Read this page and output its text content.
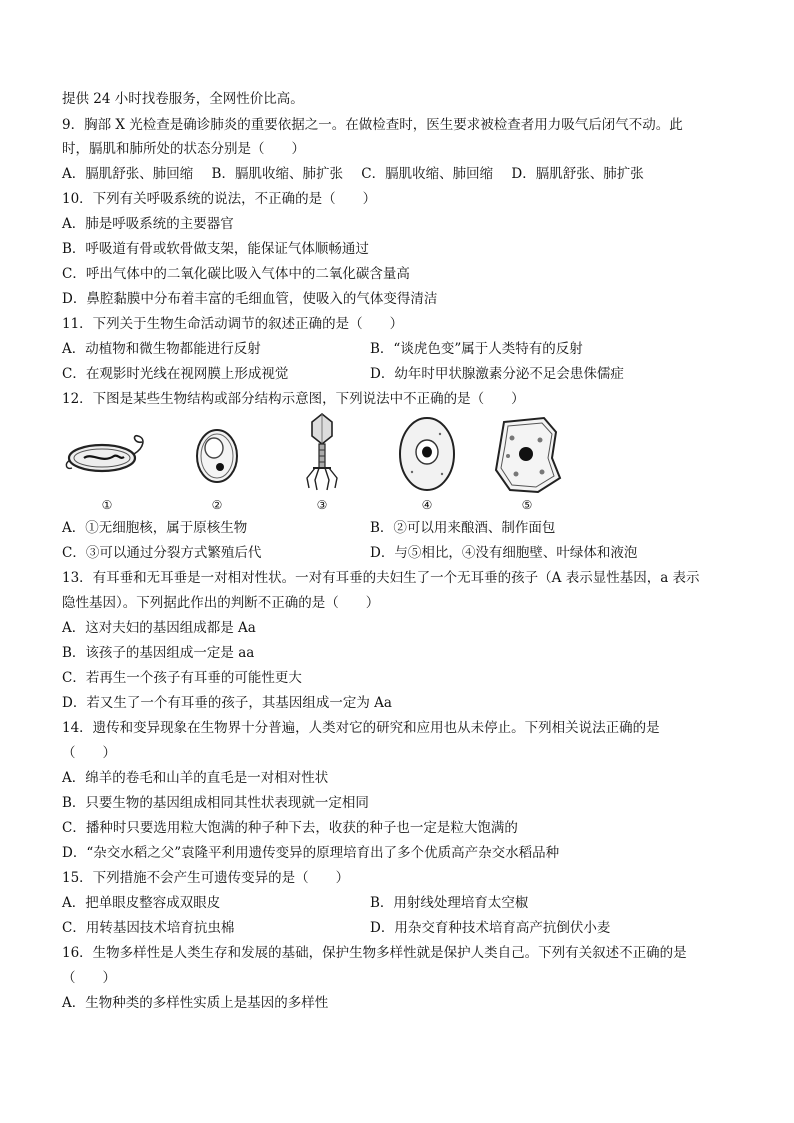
提供 24 小时找卷服务，全网性价比高。
9．胸部 X 光检查是确诊肺炎的重要依据之一。在做检查时，医生要求被检查者用力吸气后闭气不动。此
时，膈肌和肺所处的状态分别是（　　）
A．膈肌舒张、肺回缩 B．膈肌收缩、肺扩张 C．膈肌收缩、肺回缩 D．膈肌舒张、肺扩张
10．下列有关呼吸系统的说法，不正确的是（　　）
A．肺是呼吸系统的主要器官
B．呼吸道有骨或软骨做支架，能保证气体顺畅通过
C．呼出气体中的二氧化碳比吸入气体中的二氧化碳含量高
D．鼻腔黏膜中分布着丰富的毛细血管，使吸入的气体变得清洁
11．下列关于生物生命活动调节的叙述正确的是（　　）
A．动植物和微生物都能进行反射	B．“谈虎色变”属于人类特有的反射
C．在观影时光线在视网膜上形成视觉	D．幼年时甲状腺激素分泌不足会患侏儒症
12．下图是某些生物结构或部分结构示意图，下列说法中不正确的是（　　）
①	②	③	④	⑤
A．①无细胞核，属于原核生物	B．②可以用来酿酒、制作面包
C．③可以通过分裂方式繁殖后代	D．与⑤相比，④没有细胞壁、叶绿体和液泡
13．有耳垂和无耳垂是一对相对性状。一对有耳垂的夫妇生了一个无耳垂的孩子（A 表示显性基因，a 表示
隐性基因）。下列据此作出的判断不正确的是（　　）
A．这对夫妇的基因组成都是 Aa
B．该孩子的基因组成一定是 aa
C．若再生一个孩子有耳垂的可能性更大
D．若又生了一个有耳垂的孩子，其基因组成一定为 Aa
14．遗传和变异现象在生物界十分普遍，人类对它的研究和应用也从未停止。下列相关说法正确的是
（　　）
A．绵羊的卷毛和山羊的直毛是一对相对性状
B．只要生物的基因组成相同其性状表现就一定相同
C．播种时只要选用粒大饱满的种子种下去，收获的种子也一定是粒大饱满的
D．“杂交水稻之父”袁隆平利用遗传变异的原理培育出了多个优质高产杂交水稻品种
15．下列措施不会产生可遗传变异的是（　　）
A．把单眼皮整容成双眼皮	B．用射线处理培育太空椒
C．用转基因技术培育抗虫棉	D．用杂交育种技术培育高产抗倒伏小麦
16．生物多样性是人类生存和发展的基础，保护生物多样性就是保护人类自己。下列有关叙述不正确的是
（　　）
A．生物种类的多样性实质上是基因的多样性
